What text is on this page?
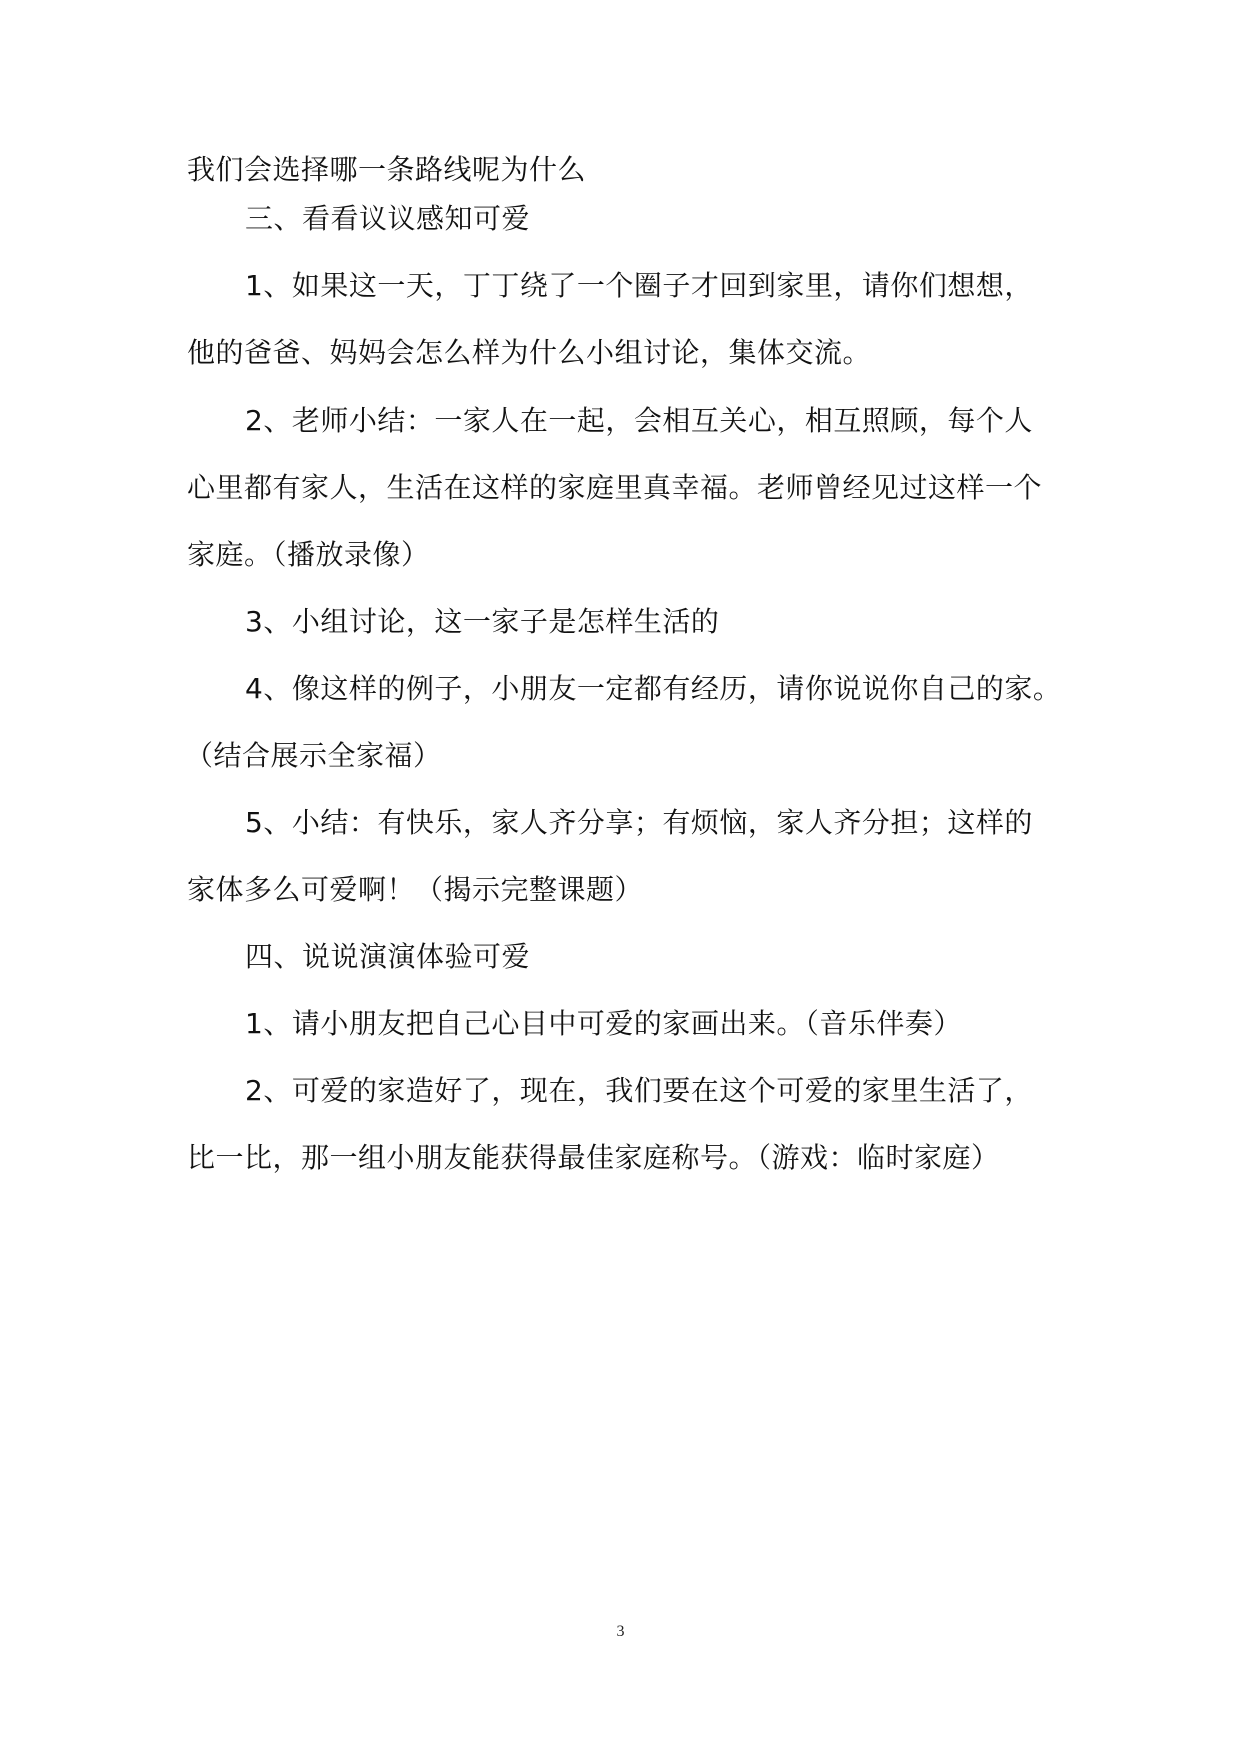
我们会选择哪一条路线呢为什么
三、看看议议感知可爱
1、如果这一天，丁丁绕了一个圈子才回到家里，请你们想想，
他的爸爸、妈妈会怎么样为什么小组讨论，集体交流。
2、老师小结：一家人在一起，会相互关心，相互照顾，每个人
心里都有家人，生活在这样的家庭里真幸福。老师曾经见过这样一个
家庭。（播放录像）
3、小组讨论，这一家子是怎样生活的
4、像这样的例子，小朋友一定都有经历，请你说说你自己的家。
（结合展示全家福）
5、小结：有快乐，家人齐分享；有烦恼，家人齐分担；这样的
家体多么可爱啊！（揭示完整课题）
四、说说演演体验可爱
1、请小朋友把自己心目中可爱的家画出来。（音乐伴奏）
2、可爱的家造好了，现在，我们要在这个可爱的家里生活了，
比一比，那一组小朋友能获得最佳家庭称号。（游戏：临时家庭）
3
